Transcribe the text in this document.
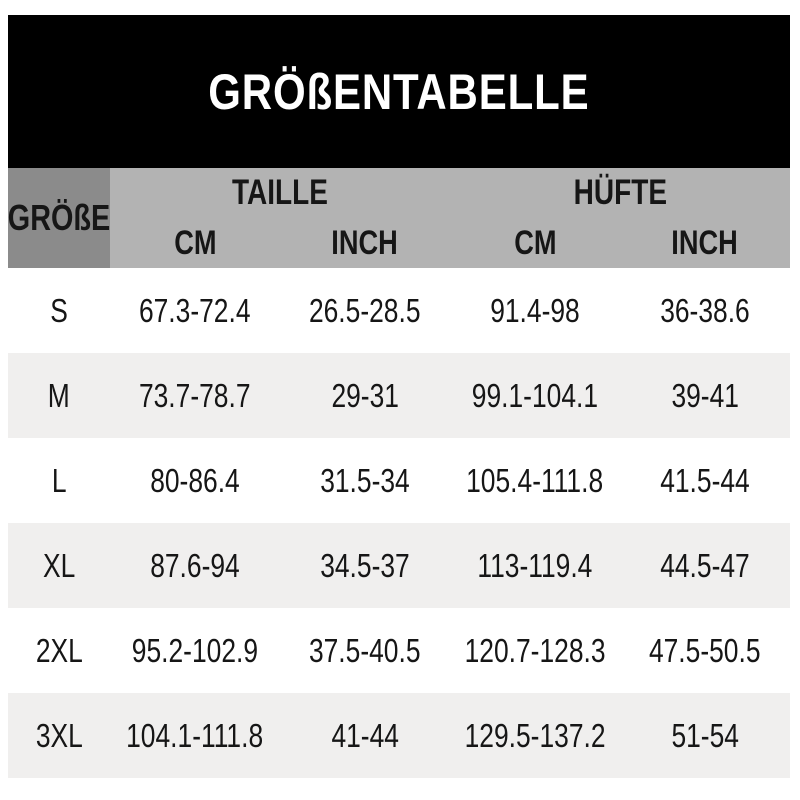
GRÖßENTABELLE
GRÖßE
TAILLE	HÜFTE
CM	INCH	CM	INCH
S 67.3-72.4 26.5-28.5 91.4-98 36-38.6
M 73.7-78.7 29-31 99.1-104.1 39-41
L	80-86.4 31.5-34 105.4-111.8 41.5-44
XL 87.6-94 34.5-37 113-119.4 44.5-47
2XL 95.2-102.9 37.5-40.5 120.7-128.3 47.5-50.5
3XL 104.1-111.8 41-44 129.5-137.2 51-54
